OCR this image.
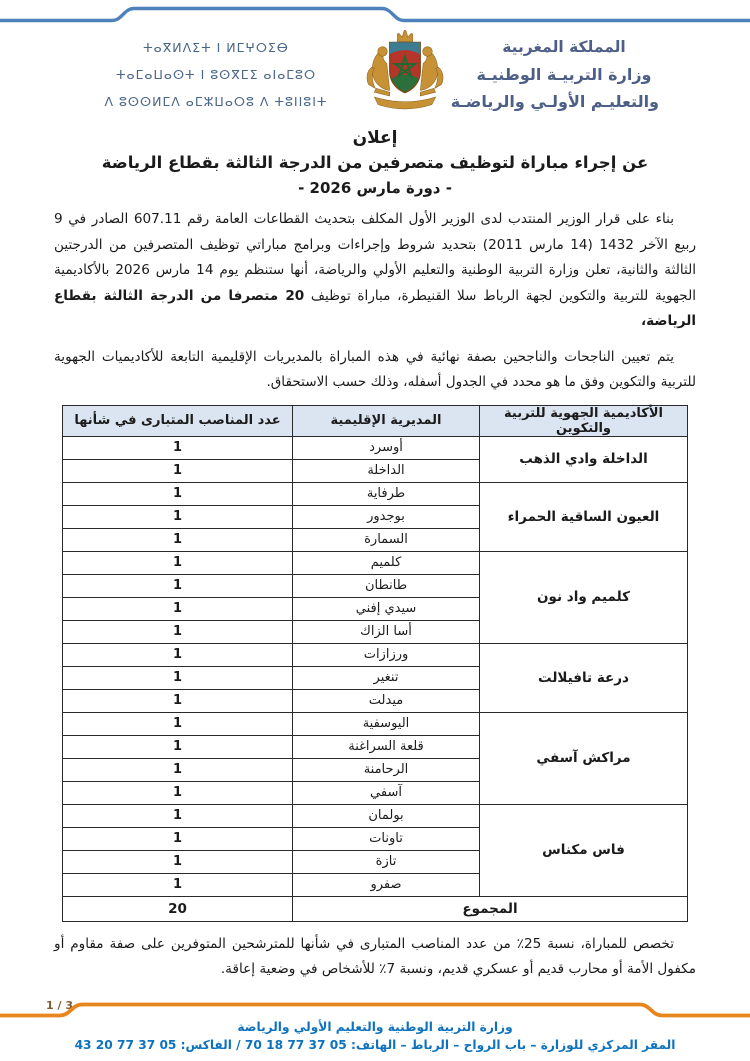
المملكة المغربية
وزارة التربيـة الوطنيـة
والتعليـم الأولـي والرياضـة
ⵜⴰⴳⵍⴷⵉⵜ ⵏ ⵍⵎⵖⵔⵉⴱ
ⵜⴰⵎⴰⵡⴰⵙⵜ ⵏ ⵓⵙⴳⵎⵉ ⴰⵏⴰⵎⵓⵔ
ⴷ ⵓⵙⵙⵍⵎⴷ ⴰⵎⵣⵡⴰⵔⵓ ⴷ ⵜⵓⵏⵏⵓⵏⵜ
إعلان
عن إجراء مباراة لتوظيف متصرفين من الدرجة الثالثة بقطاع الرياضة
- دورة مارس 2026 -

بناء على قرار الوزير المنتدب لدى الوزير الأول المكلف بتحديث القطاعات العامة رقم 607.11 الصادر في 9 ربيع الآخر 1432 (14 مارس 2011) بتحديد شروط وإجراءات وبرامج مباراتي توظيف المتصرفين من الدرجتين الثالثة والثانية، تعلن وزارة التربية الوطنية والتعليم الأولي والرياضة، أنها ستنظم يوم 14 مارس 2026 بالأكاديمية الجهوية للتربية والتكوين لجهة الرباط سلا القنيطرة، مباراة توظيف 20 متصرفا من الدرجة الثالثة بقطاع الرياضة،

يتم تعيين الناجحات والناجحين بصفة نهائية في هذه المباراة بالمديريات الإقليمية التابعة للأكاديميات الجهوية للتربية والتكوين وفق ما هو محدد في الجدول أسفله، وذلك حسب الاستحقاق.

الأكاديمية الجهوية للتربية والتكوين	المديرية الإقليمية	عدد المناصب المتبارى في شأنها
الداخلة وادي الذهب	أوسرد	1
	الداخلة	1
العيون الساقية الحمراء	طرفاية	1
	بوجدور	1
	السمارة	1
كلميم واد نون	كلميم	1
	طانطان	1
	سيدي إفني	1
	أسا الزاك	1
درعة تافيلالت	ورزازات	1
	تنغير	1
	ميدلت	1
مراكش آسفي	اليوسفية	1
	قلعة السراغنة	1
	الرحامنة	1
	آسفي	1
فاس مكناس	بولمان	1
	تاونات	1
	تازة	1
	صفرو	1
المجموع		20

تخصص للمباراة، نسبة 25٪ من عدد المناصب المتبارى في شأنها للمترشحين المتوفرين على صفة مقاوم أو مكفول الأمة أو محارب قديم أو عسكري قديم، ونسبة 7٪ للأشخاص في وضعية إعاقة.

1 / 3
وزارة التربية الوطنية والتعليم الأولي والرياضة
المقر المركزي للوزارة – باب الرواح – الرباط – الهاتف: 05 37 77 18 70 / الفاكس: 05 37 77 20 43
